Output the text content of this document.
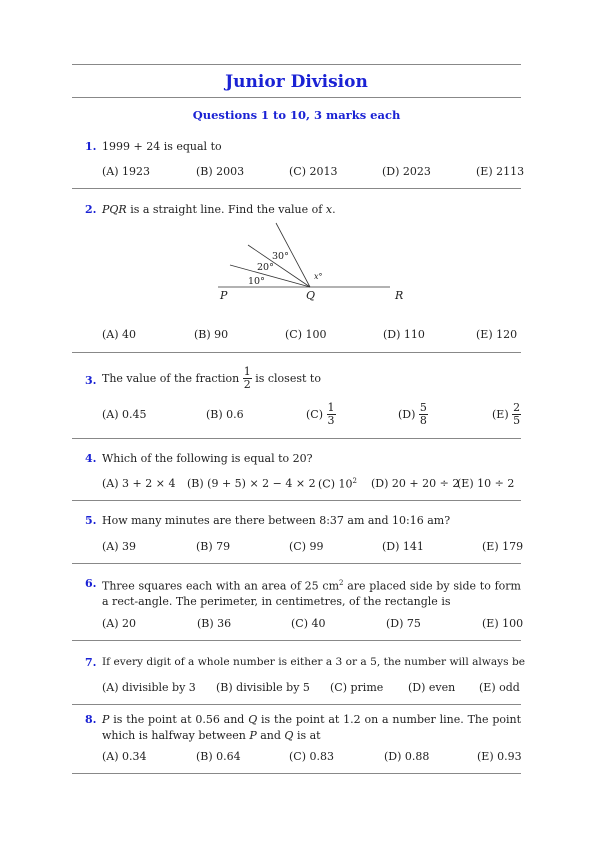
Junior Division
Questions 1 to 10, 3 marks each
1. 1999 + 24 is equal to
(A) 1923	(B) 2003	(C) 2013	(D) 2023	(E) 2113
2. PQR is a straight line. Find the value of x.
30°
20°
10°	x°
P	Q	R
(A) 40	(B) 90	(C) 100	(D) 110	(E) 120
3. The value of the fraction $\frac{1}{2}$ is closest to
(A) 0.45	(B) 0.6	$(C) \frac{1}{3}$	$(D) \frac{5}{8}$	$(E) \frac{2}{5}$
4. Which of the following is equal to 20?
(A) 3 + 2 × 4 (B) (9 + 5) × 2 − 4 × 2 (C) $10^2$ (D) 20 + 20 ÷ 2
(E) 10 ÷ 2
5. How many minutes are there between 8:37 am and 10:16 am?
(A) 39	(B) 79	(C) 99	(D) 141	(E) 179
6. Three squares each with an area of 25 $cm^2$ are placed side by side to form a rect-angle. The perimeter, in centimetres, of the rectangle is
(A) 20	(B) 36	(C) 40	(D) 75	(E) 100
7. If every digit of a whole number is either a 3 or a 5, the number will always be
(A) divisible by 3 (B) divisible by 5 (C) prime (D) even (E) odd
8. P is the point at 0.56 and Q is the point at 1.2 on a number line. The point which is halfway between P and Q is at
(A) 0.34	(B) 0.64	(C) 0.83	(D) 0.88	(E) 0.93
